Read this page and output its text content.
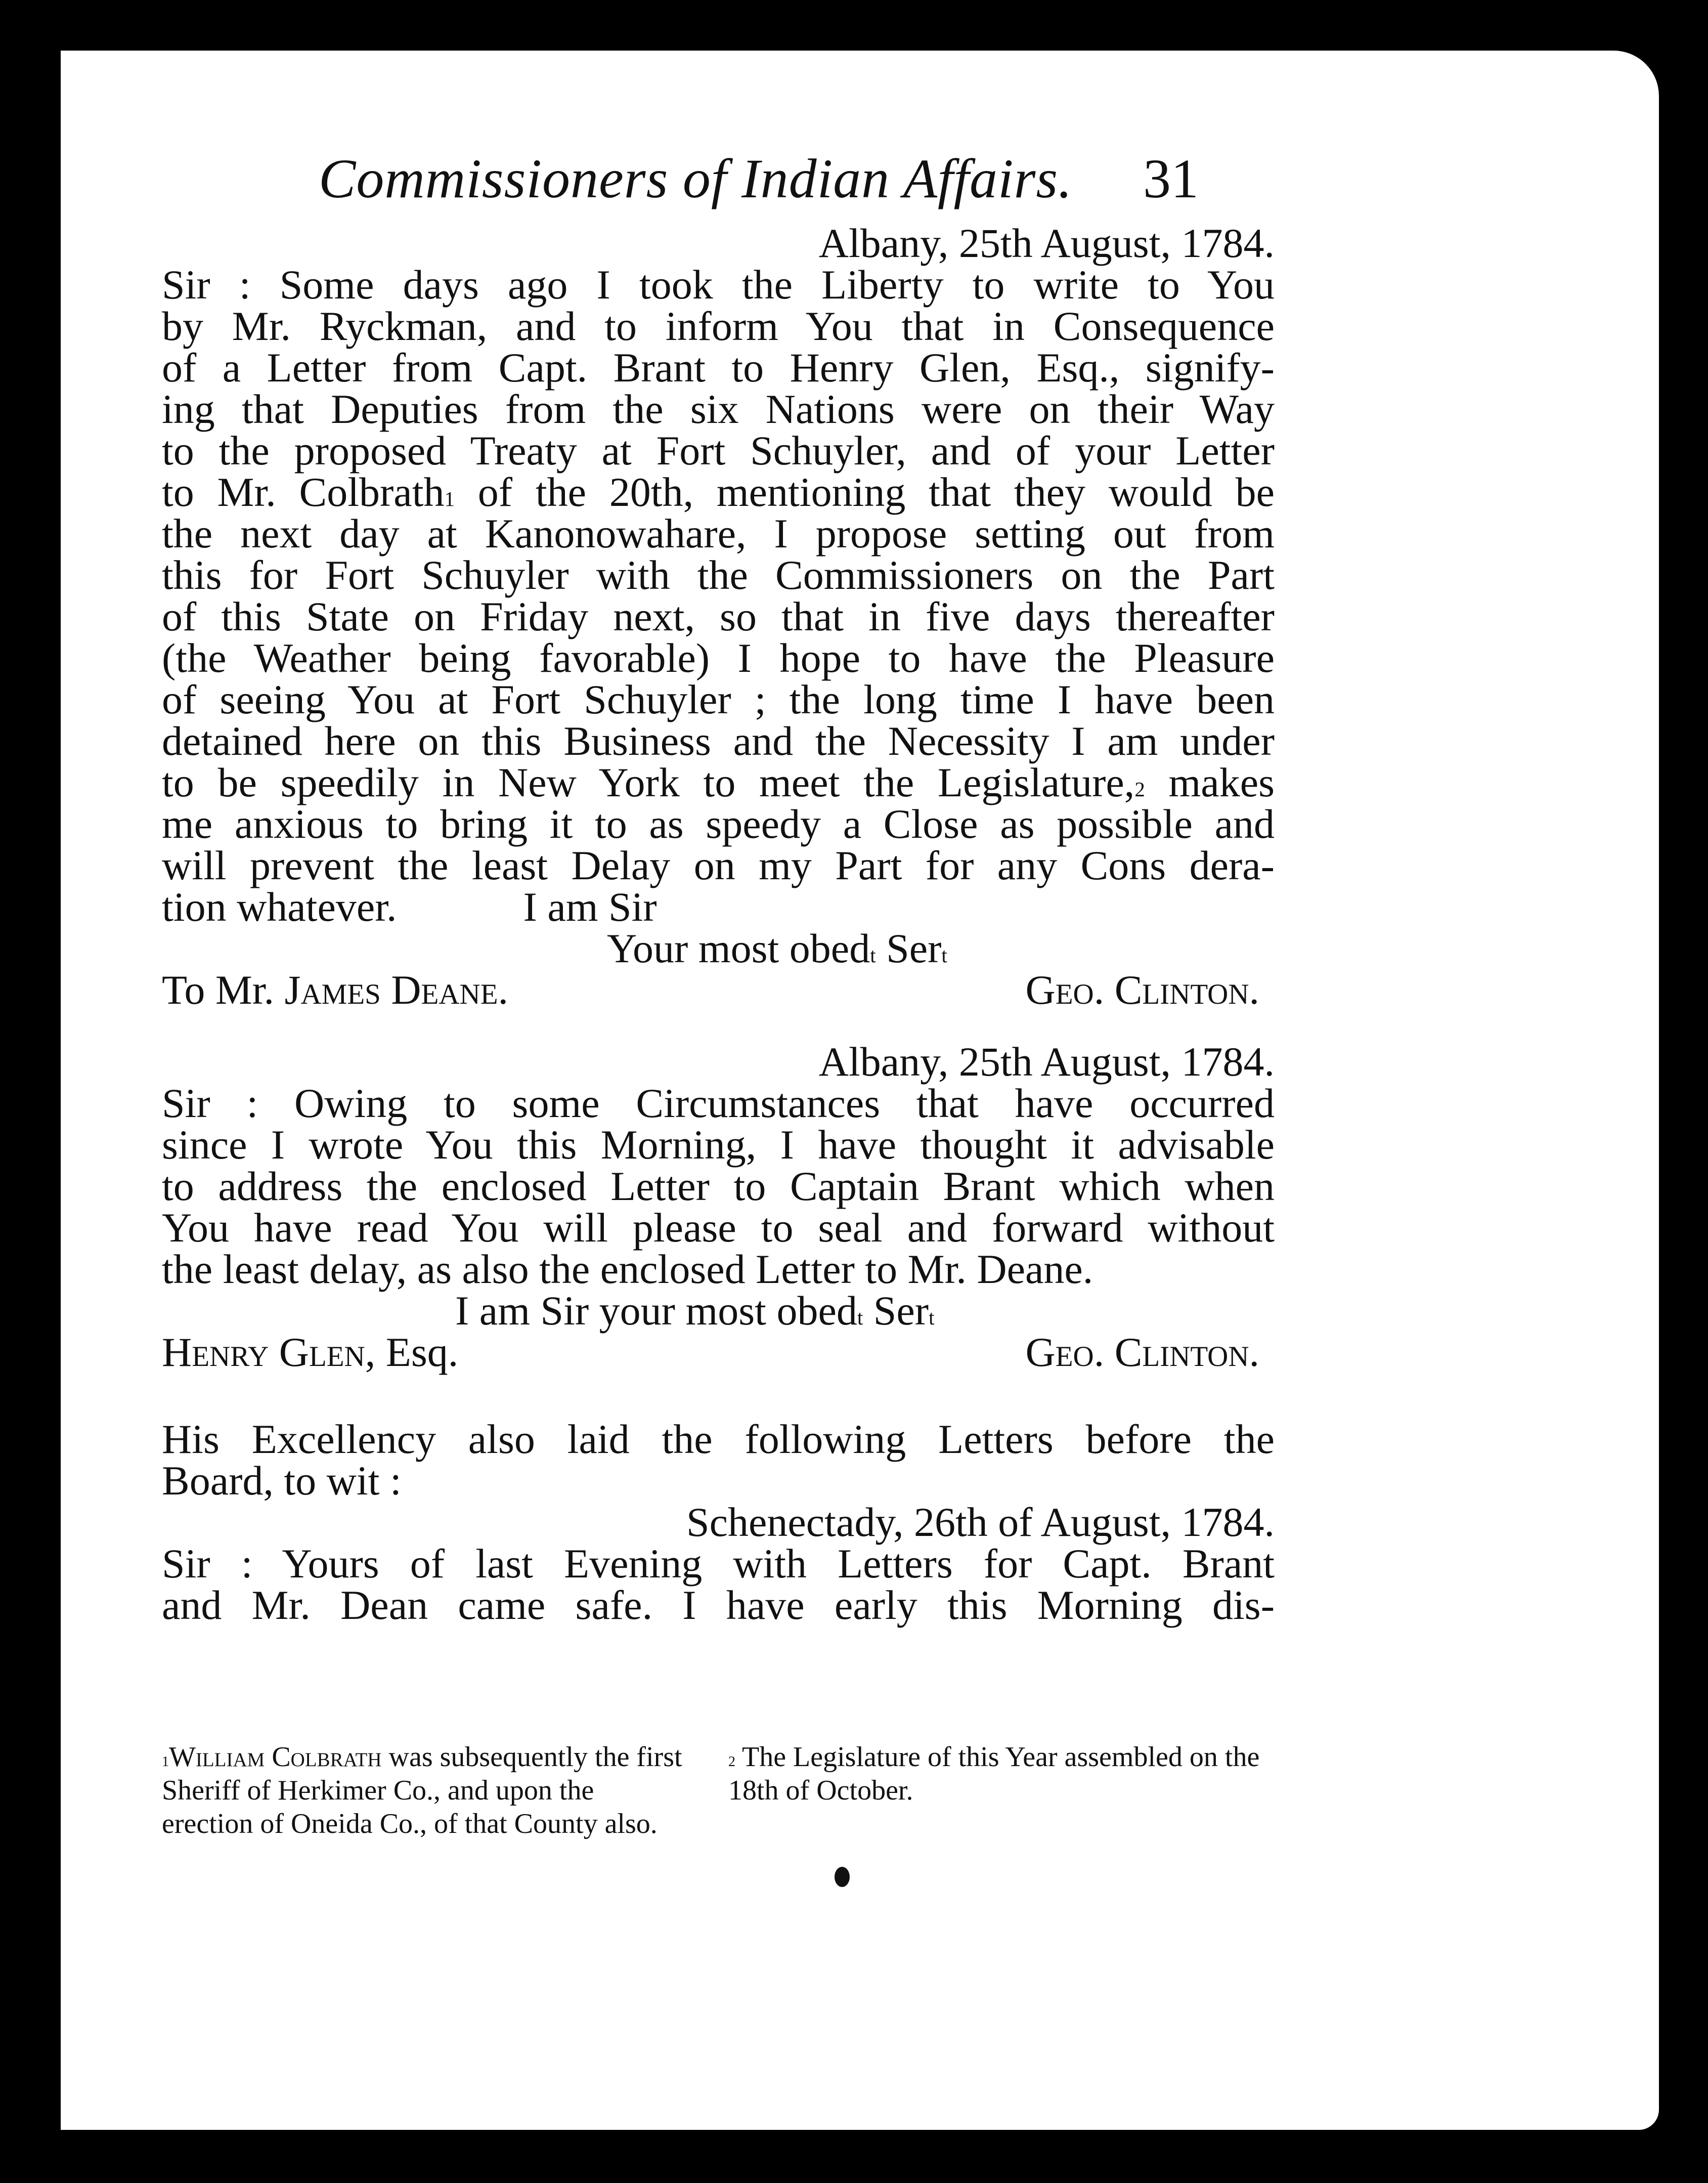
Commissioners of Indian Affairs. 31
Albany, 25th August, 1784.
Sir : Some days ago I took the Liberty to write to You
by Mr. Ryckman, and to inform You that in Consequence
of a Letter from Capt. Brant to Henry Glen, Esq., signify-
ing that Deputies from the six Nations were on their Way
to the proposed Treaty at Fort Schuyler, and of your Letter
to Mr. Colbrath$^1$ of the 20th, mentioning that they would be
the next day at Kanonowahare, I propose setting out from
this for Fort Schuyler with the Commissioners on the Part
of this State on Friday next, so that in five days thereafter
(the Weather being favorable) I hope to have the Pleasure
of seeing You at Fort Schuyler ; the long time I have been
detained here on this Business and the Necessity I am under
to be speedily in New York to meet the Legislature,$^2$ makes
me anxious to bring it to as speedy a Close as possible and
will prevent the least Delay on my Part for any Cons dera-
tion whatever.	I am Sir
Your most obed$^t$ Ser$^t$
To Mr. James Deane.	Geo. Clinton.
Albany, 25th August, 1784.
Sir : Owing to some Circumstances that have occurred
since I wrote You this Morning, I have thought it advisable
to address the enclosed Letter to Captain Brant which when
You have read You will please to seal and forward without
the least delay, as also the enclosed Letter to Mr. Deane.
I am Sir your most obed$^t$ Ser$^t$
Henry Glen, Esq.	Geo. Clinton.
His Excellency also laid the following Letters before the
Board, to wit :
Schenectady, 26th of August, 1784.
Sir : Yours of last Evening with Letters for Capt. Brant
and Mr. Dean came safe. I have early this Morning dis-
$^1$William Colbrath was subsequently the first Sheriff of Herkimer Co., and upon the erection of Oneida Co., of that County also.
$^2$ The Legislature of this Year assembled on the 18th of October.
